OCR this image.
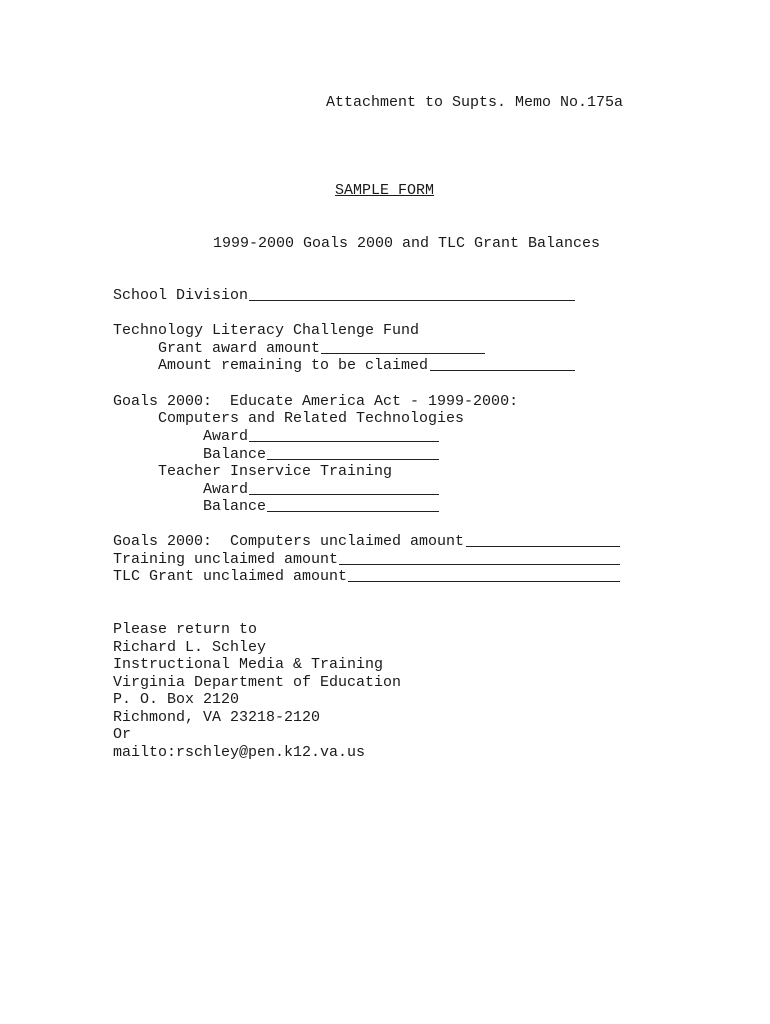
Attachment to Supts. Memo No.175a
SAMPLE FORM
1999-2000 Goals 2000 and TLC Grant Balances
School Division
Technology Literacy Challenge Fund
Grant award amount
Amount remaining to be claimed
Goals 2000:  Educate America Act - 1999-2000:
Computers and Related Technologies
Award
Balance
Teacher Inservice Training
Award
Balance
Goals 2000:  Computers unclaimed amount
Training unclaimed amount
TLC Grant unclaimed amount
Please return to
Richard L. Schley
Instructional Media & Training
Virginia Department of Education
P. O. Box 2120
Richmond, VA 23218-2120
Or
mailto:rschley@pen.k12.va.us
